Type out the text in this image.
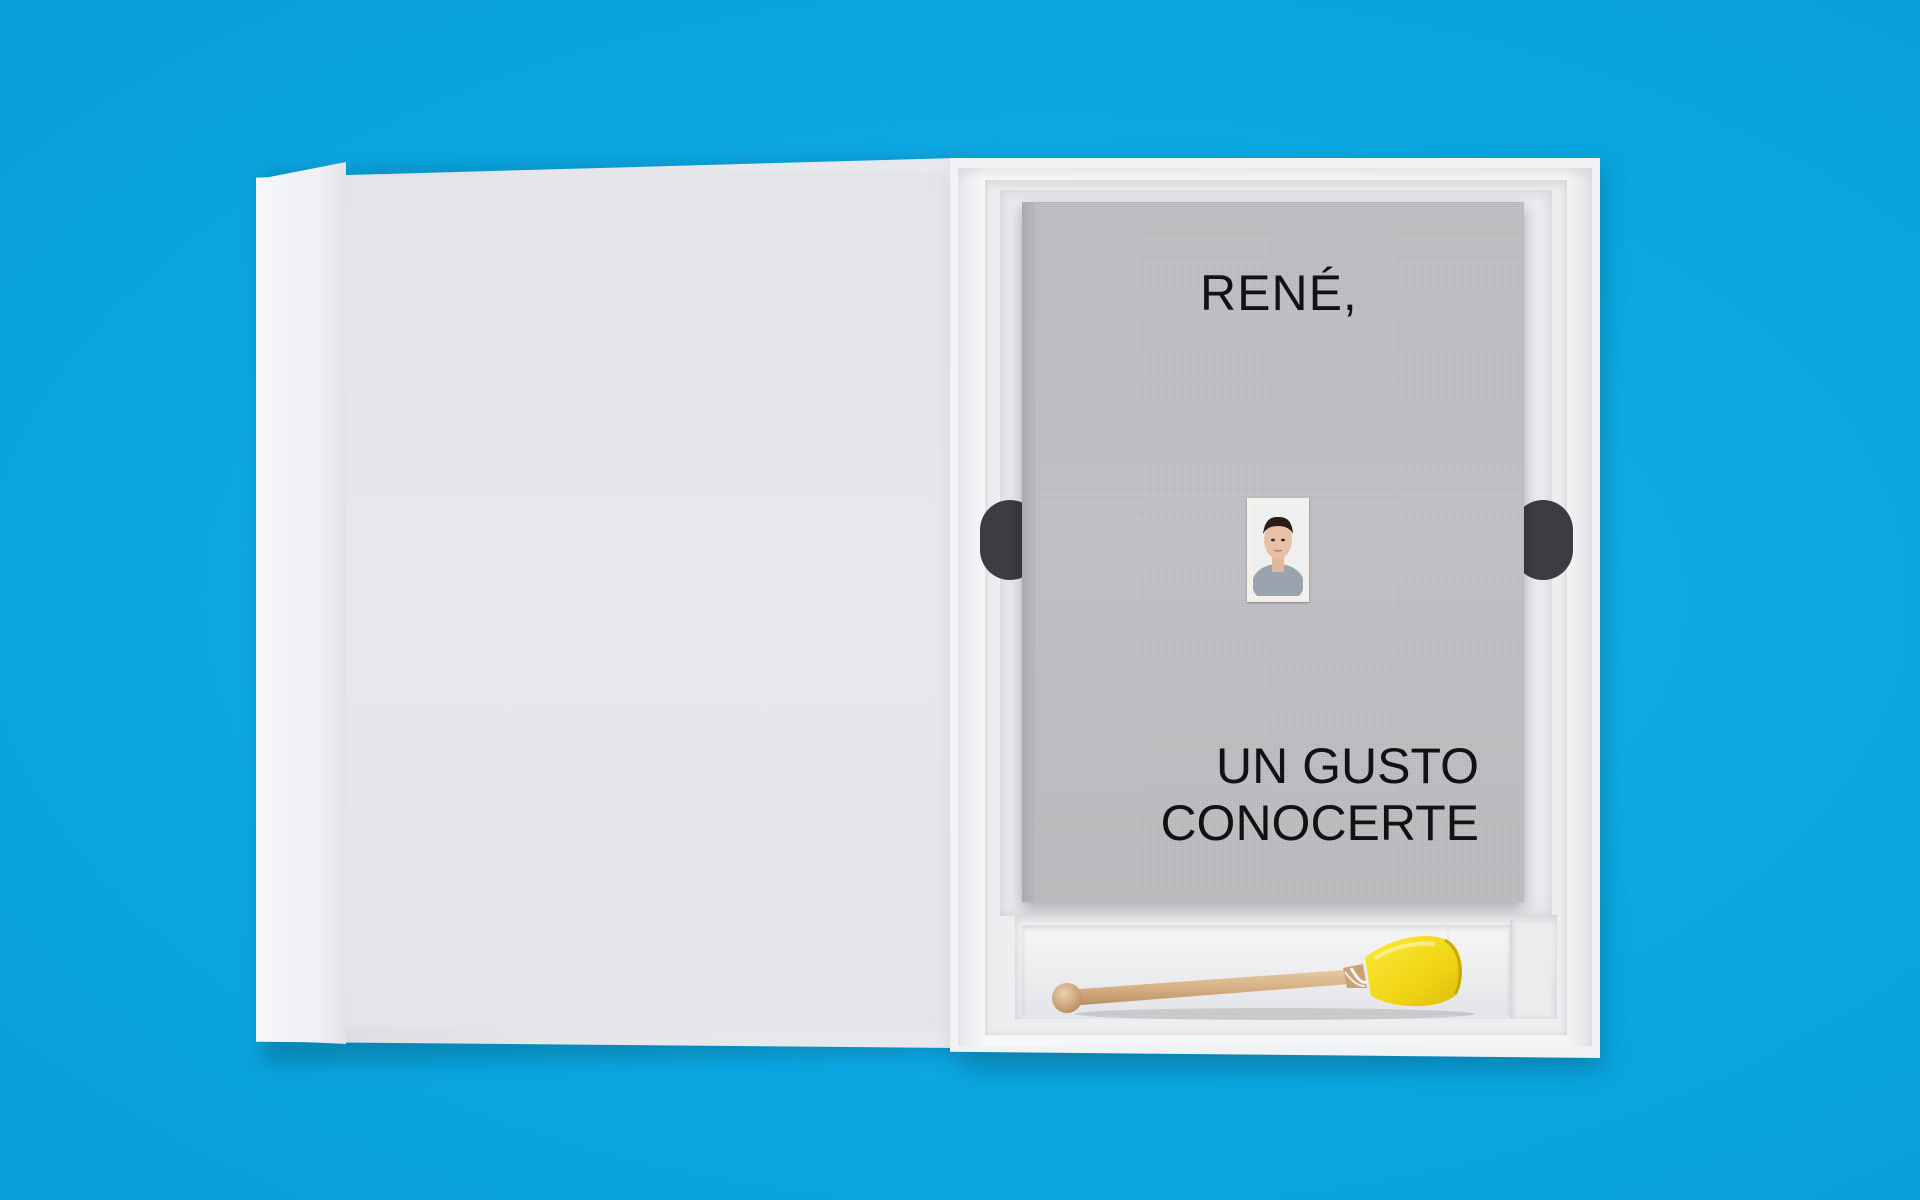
RENÉ,
UN GUSTO
CONOCERTE
